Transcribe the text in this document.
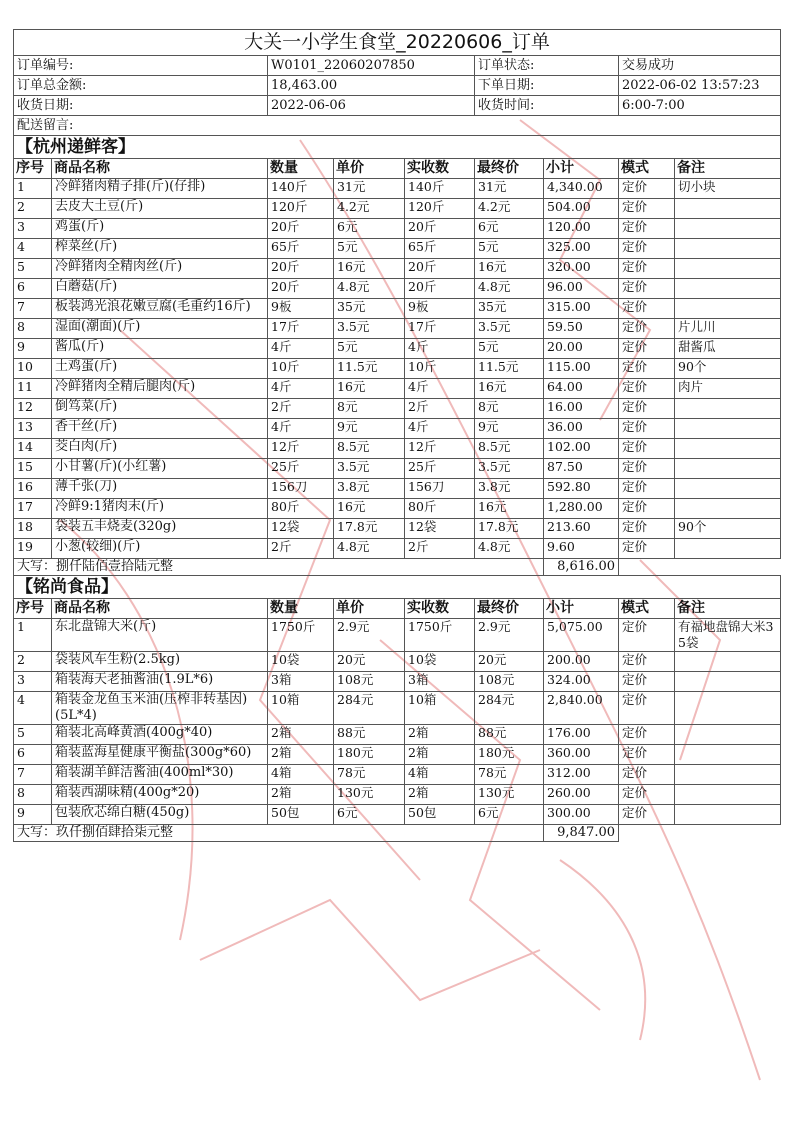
大关一小学生食堂_20220606_订单								
订单编号:		W0101_22060207850			订单状态:		交易成功	
订单总金额:		18,463.00			下单日期:		2022-06-02 13:57:23	
收货日期:		2022-06-06			收货时间:		6:00-7:00	
配送留言:								
【杭州递鲜客】								
序号	商品名称	数量	单价	实收数	最终价	小计	模式	备注
1	冷鲜猪肉精子排(斤)(仔排)	140斤	31元	140斤	31元	4,340.00	定价	切小块
2	去皮大土豆(斤)	120斤	4.2元	120斤	4.2元	504.00	定价	
3	鸡蛋(斤)	20斤	6元	20斤	6元	120.00	定价	
4	榨菜丝(斤)	65斤	5元	65斤	5元	325.00	定价	
5	冷鲜猪肉全精肉丝(斤)	20斤	16元	20斤	16元	320.00	定价	
6	白蘑菇(斤)	20斤	4.8元	20斤	4.8元	96.00	定价	
7	板装鸿光浪花嫩豆腐(毛重约16斤)	9板	35元	9板	35元	315.00	定价	
8	湿面(潮面)(斤)	17斤	3.5元	17斤	3.5元	59.50	定价	片儿川
9	酱瓜(斤)	4斤	5元	4斤	5元	20.00	定价	甜酱瓜
10	土鸡蛋(斤)	10斤	11.5元	10斤	11.5元	115.00	定价	90个
11	冷鲜猪肉全精后腿肉(斤)	4斤	16元	4斤	16元	64.00	定价	肉片
12	倒笃菜(斤)	2斤	8元	2斤	8元	16.00	定价	
13	香干丝(斤)	4斤	9元	4斤	9元	36.00	定价	
14	茭白肉(斤)	12斤	8.5元	12斤	8.5元	102.00	定价	
15	小甘薯(斤)(小红薯)	25斤	3.5元	25斤	3.5元	87.50	定价	
16	薄千张(刀)	156刀	3.8元	156刀	3.8元	592.80	定价	
17	冷鲜9:1猪肉末(斤)	80斤	16元	80斤	16元	1,280.00	定价	
18	袋装五丰烧麦(320g)	12袋	17.8元	12袋	17.8元	213.60	定价	90个
19	小葱(较细)(斤)	2斤	4.8元	2斤	4.8元	9.60	定价	
大写：捌仟陆佰壹拾陆元整						8,616.00		
【铭尚食品】								
序号	商品名称	数量	单价	实收数	最终价	小计	模式	备注
1	东北盘锦大米(斤)	1750斤	2.9元	1750斤	2.9元	5,075.00	定价	有福地盘锦大米35袋
2	袋装风车生粉(2.5kg)	10袋	20元	10袋	20元	200.00	定价	
3	箱装海天老抽酱油(1.9L*6)	3箱	108元	3箱	108元	324.00	定价	
4	箱装金龙鱼玉米油(压榨非转基因) (5L*4)	10箱	284元	10箱	284元	2,840.00	定价	
5	箱装北高峰黄酒(400g*40)	2箱	88元	2箱	88元	176.00	定价	
6	箱装蓝海星健康平衡盐(300g*60)	2箱	180元	2箱	180元	360.00	定价	
7	箱装湖羊鲜洁酱油(400ml*30)	4箱	78元	4箱	78元	312.00	定价	
8	箱装西湖味精(400g*20)	2箱	130元	2箱	130元	260.00	定价	
9	包装欣芯绵白糖(450g)	50包	6元	50包	6元	300.00	定价	
大写：玖仟捌佰肆拾柒元整						9,847.00		
